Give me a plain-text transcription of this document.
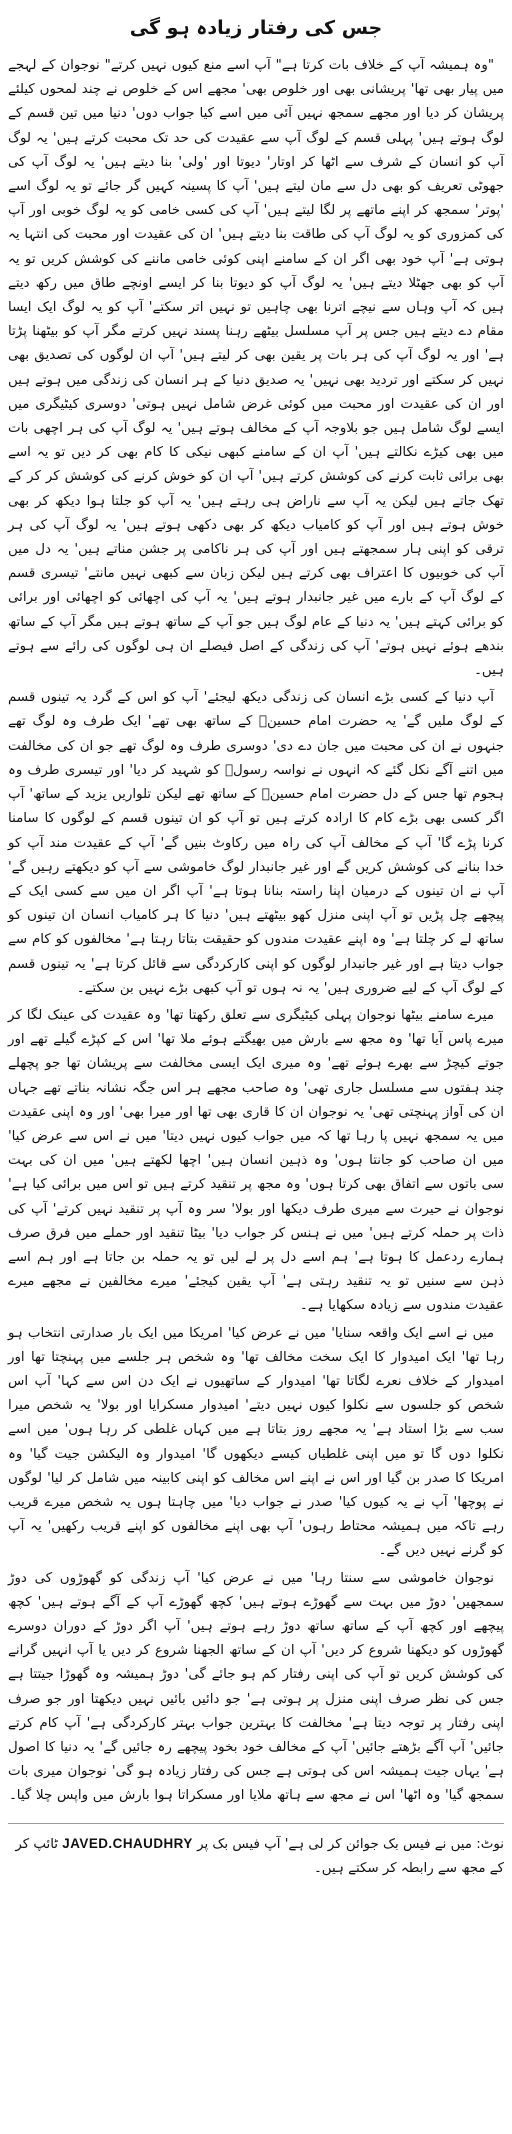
جس کی رفتار زیادہ ہو گی

"وہ ہمیشہ آپ کے خلاف بات کرتا ہے" آپ اسے منع کیوں نہیں کرتے" نوجوان کے لہجے میں پیار بھی تھا' پریشانی بھی اور خلوص بھی' مجھے اس کے خلوص نے چند لمحوں کیلئے پریشان کر دیا اور مجھے سمجھ نہیں آئی میں اسے کیا جواب دوں' دنیا میں تین قسم کے لوگ ہوتے ہیں' پہلی قسم کے لوگ آپ سے عقیدت کی حد تک محبت کرتے ہیں' یہ لوگ آپ کو انسان کے شرف سے اٹھا کر اوتار' دیوتا اور 'ولی' بنا دیتے ہیں' یہ لوگ آپ کی جھوٹی تعریف کو بھی دل سے مان لیتے ہیں' آپ کا پسینہ کہیں گر جائے تو یہ لوگ اسے 'پوتر' سمجھ کر اپنے ماتھے پر لگا لیتے ہیں' آپ کی کسی خامی کو یہ لوگ خوبی اور آپ کی کمزوری کو یہ لوگ آپ کی طاقت بنا دیتے ہیں' ان کی عقیدت اور محبت کی انتہا یہ ہوتی ہے' آپ خود بھی اگر ان کے سامنے اپنی کوئی خامی ماننے کی کوشش کریں تو یہ آپ کو بھی جھٹلا دیتے ہیں' یہ لوگ آپ کو دیوتا بنا کر ایسے اونچے طاق میں رکھ دیتے ہیں کہ آپ وہاں سے نیچے اترنا بھی چاہیں تو نہیں اتر سکتے' آپ کو یہ لوگ ایک ایسا مقام دے دیتے ہیں جس پر آپ مسلسل بیٹھے رہنا پسند نہیں کرتے مگر آپ کو بیٹھنا پڑتا ہے' اور یہ لوگ آپ کی ہر بات پر یقین بھی کر لیتے ہیں' آپ ان لوگوں کی تصدیق بھی نہیں کر سکتے اور تردید بھی نہیں' یہ صدیق دنیا کے ہر انسان کی زندگی میں ہوتے ہیں اور ان کی عقیدت اور محبت میں کوئی غرض شامل نہیں ہوتی' دوسری کیٹیگری میں ایسے لوگ شامل ہیں جو بلاوجہ آپ کے مخالف ہوتے ہیں' یہ لوگ آپ کی ہر اچھی بات میں بھی کیڑے نکالتے ہیں' آپ ان کے سامنے کبھی نیکی کا کام بھی کر دیں تو یہ اسے بھی برائی ثابت کرنے کی کوشش کرتے ہیں' آپ ان کو خوش کرنے کی کوشش کر کر کے تھک جاتے ہیں لیکن یہ آپ سے ناراض ہی رہتے ہیں' یہ آپ کو جلتا ہوا دیکھ کر بھی خوش ہوتے ہیں اور آپ کو کامیاب دیکھ کر بھی دکھی ہوتے ہیں' یہ لوگ آپ کی ہر ترقی کو اپنی ہار سمجھتے ہیں اور آپ کی ہر ناکامی پر جشن مناتے ہیں' یہ دل میں آپ کی خوبیوں کا اعتراف بھی کرتے ہیں لیکن زبان سے کبھی نہیں مانتے' تیسری قسم کے لوگ آپ کے بارے میں غیر جانبدار ہوتے ہیں' یہ آپ کی اچھائی کو اچھائی اور برائی کو برائی کہتے ہیں' یہ دنیا کے عام لوگ ہیں جو آپ کے ساتھ ہوتے ہیں مگر آپ کے ساتھ بندھے ہوئے نہیں ہوتے' آپ کی زندگی کے اصل فیصلے ان ہی لوگوں کی رائے سے ہوتے ہیں۔

آپ دنیا کے کسی بڑے انسان کی زندگی دیکھ لیجئے' آپ کو اس کے گرد یہ تینوں قسم کے لوگ ملیں گے' یہ حضرت امام حسینؓ کے ساتھ بھی تھے' ایک طرف وہ لوگ تھے جنہوں نے ان کی محبت میں جان دے دی' دوسری طرف وہ لوگ تھے جو ان کی مخالفت میں اتنے آگے نکل گئے کہ انہوں نے نواسہ رسولؐ کو شہید کر دیا' اور تیسری طرف وہ ہجوم تھا جس کے دل حضرت امام حسینؓ کے ساتھ تھے لیکن تلواریں یزید کے ساتھ' آپ اگر کسی بھی بڑے کام کا ارادہ کرتے ہیں تو آپ کو ان تینوں قسم کے لوگوں کا سامنا کرنا پڑے گا' آپ کے مخالف آپ کی راہ میں رکاوٹ بنیں گے' آپ کے عقیدت مند آپ کو خدا بنانے کی کوشش کریں گے اور غیر جانبدار لوگ خاموشی سے آپ کو دیکھتے رہیں گے' آپ نے ان تینوں کے درمیان اپنا راستہ بنانا ہوتا ہے' آپ اگر ان میں سے کسی ایک کے پیچھے چل پڑیں تو آپ اپنی منزل کھو بیٹھتے ہیں' دنیا کا ہر کامیاب انسان ان تینوں کو ساتھ لے کر چلتا ہے' وہ اپنے عقیدت مندوں کو حقیقت بتاتا رہتا ہے' مخالفوں کو کام سے جواب دیتا ہے اور غیر جانبدار لوگوں کو اپنی کارکردگی سے قائل کرتا ہے' یہ تینوں قسم کے لوگ آپ کے لیے ضروری ہیں' یہ نہ ہوں تو آپ کبھی بڑے نہیں بن سکتے۔

میرے سامنے بیٹھا نوجوان پہلی کیٹیگری سے تعلق رکھتا تھا' وہ عقیدت کی عینک لگا کر میرے پاس آیا تھا' وہ مجھ سے بارش میں بھیگتے ہوئے ملا تھا' اس کے کپڑے گیلے تھے اور جوتے کیچڑ سے بھرے ہوئے تھے' وہ میری ایک ایسی مخالفت سے پریشان تھا جو پچھلے چند ہفتوں سے مسلسل جاری تھی' وہ صاحب مجھے ہر اس جگہ نشانہ بناتے تھے جہاں ان کی آواز پہنچتی تھی' یہ نوجوان ان کا قاری بھی تھا اور میرا بھی' اور وہ اپنی عقیدت میں یہ سمجھ نہیں پا رہا تھا کہ میں جواب کیوں نہیں دیتا' میں نے اس سے عرض کیا' میں ان صاحب کو جانتا ہوں' وہ ذہین انسان ہیں' اچھا لکھتے ہیں' میں ان کی بہت سی باتوں سے اتفاق بھی کرتا ہوں' وہ مجھ پر تنقید کرتے ہیں تو اس میں برائی کیا ہے' نوجوان نے حیرت سے میری طرف دیکھا اور بولا' سر وہ آپ پر تنقید نہیں کرتے' آپ کی ذات پر حملہ کرتے ہیں' میں نے ہنس کر جواب دیا' بیٹا تنقید اور حملے میں فرق صرف ہمارے ردعمل کا ہوتا ہے' ہم اسے دل پر لے لیں تو یہ حملہ بن جاتا ہے اور ہم اسے ذہن سے سنیں تو یہ تنقید رہتی ہے' آپ یقین کیجئے' میرے مخالفین نے مجھے میرے عقیدت مندوں سے زیادہ سکھایا ہے۔

میں نے اسے ایک واقعہ سنایا' میں نے عرض کیا' امریکا میں ایک بار صدارتی انتخاب ہو رہا تھا' ایک امیدوار کا ایک سخت مخالف تھا' وہ شخص ہر جلسے میں پہنچتا تھا اور امیدوار کے خلاف نعرے لگاتا تھا' امیدوار کے ساتھیوں نے ایک دن اس سے کہا' آپ اس شخص کو جلسوں سے نکلوا کیوں نہیں دیتے' امیدوار مسکرایا اور بولا' یہ شخص میرا سب سے بڑا استاد ہے' یہ مجھے روز بتاتا ہے میں کہاں غلطی کر رہا ہوں' میں اسے نکلوا دوں گا تو میں اپنی غلطیاں کیسے دیکھوں گا' امیدوار وہ الیکشن جیت گیا' وہ امریکا کا صدر بن گیا اور اس نے اپنے اس مخالف کو اپنی کابینہ میں شامل کر لیا' لوگوں نے پوچھا' آپ نے یہ کیوں کیا' صدر نے جواب دیا' میں چاہتا ہوں یہ شخص میرے قریب رہے تاکہ میں ہمیشہ محتاط رہوں' آپ بھی اپنے مخالفوں کو اپنے قریب رکھیں' یہ آپ کو گرنے نہیں دیں گے۔

نوجوان خاموشی سے سنتا رہا' میں نے عرض کیا' آپ زندگی کو گھوڑوں کی دوڑ سمجھیں' دوڑ میں بہت سے گھوڑے ہوتے ہیں' کچھ گھوڑے آپ کے آگے ہوتے ہیں' کچھ پیچھے اور کچھ آپ کے ساتھ ساتھ دوڑ رہے ہوتے ہیں' آپ اگر دوڑ کے دوران دوسرے گھوڑوں کو دیکھنا شروع کر دیں' آپ ان کے ساتھ الجھنا شروع کر دیں یا آپ انہیں گرانے کی کوشش کریں تو آپ کی اپنی رفتار کم ہو جائے گی' دوڑ ہمیشہ وہ گھوڑا جیتتا ہے جس کی نظر صرف اپنی منزل پر ہوتی ہے' جو دائیں بائیں نہیں دیکھتا اور جو صرف اپنی رفتار پر توجہ دیتا ہے' مخالفت کا بہترین جواب بہتر کارکردگی ہے' آپ کام کرتے جائیں' آپ آگے بڑھتے جائیں' آپ کے مخالف خود بخود پیچھے رہ جائیں گے' یہ دنیا کا اصول ہے' یہاں جیت ہمیشہ اس کی ہوتی ہے جس کی رفتار زیادہ ہو گی' نوجوان میری بات سمجھ گیا' وہ اٹھا' اس نے مجھ سے ہاتھ ملایا اور مسکراتا ہوا بارش میں واپس چلا گیا۔

نوٹ: میں نے فیس بک جوائن کر لی ہے' آپ فیس بک پر JAVED.CHAUDHRY ٹائپ کر کے مجھ سے رابطہ کر سکتے ہیں۔
